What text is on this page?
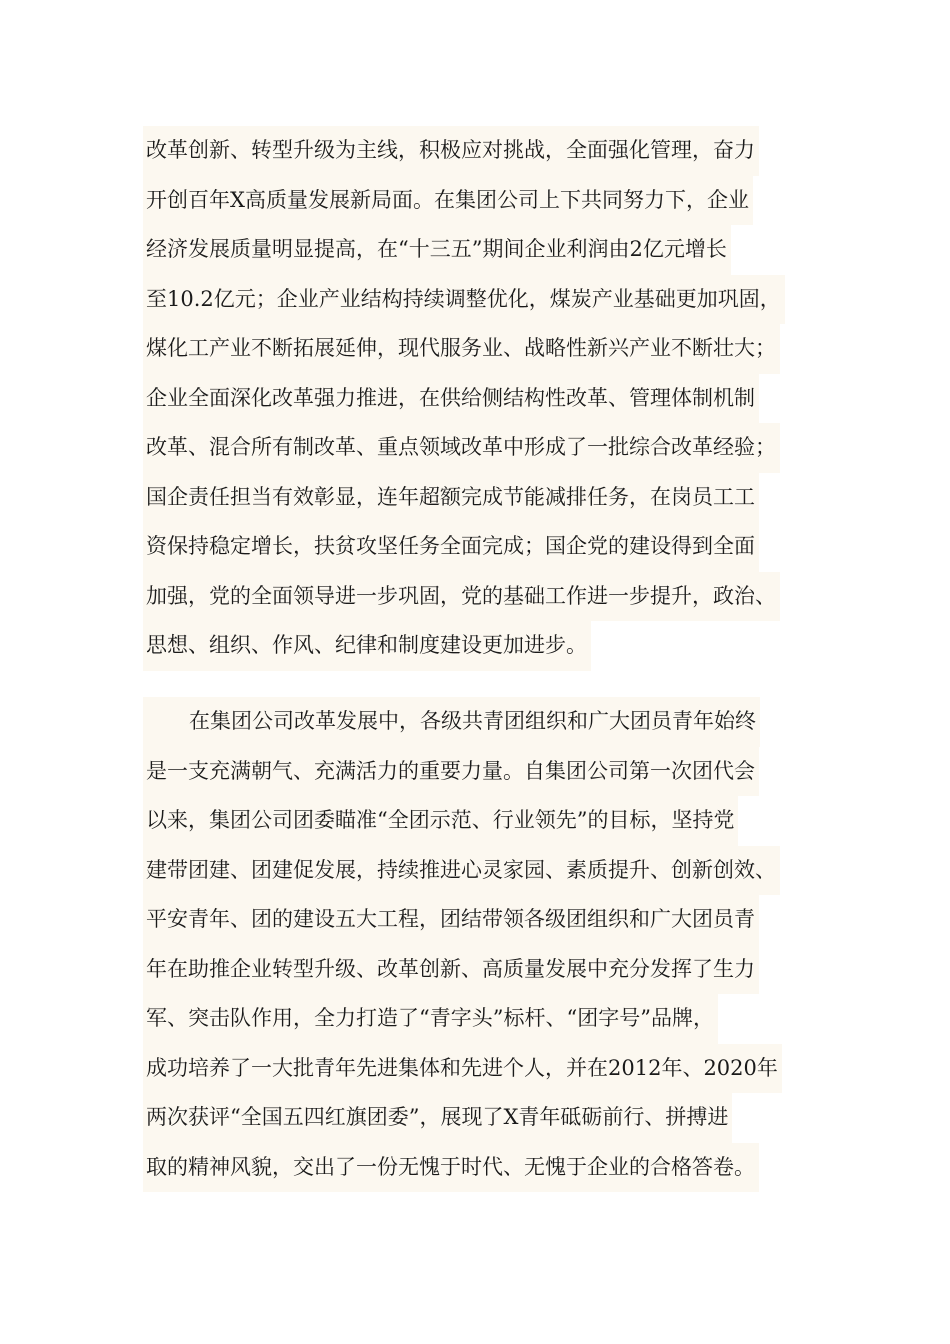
改革创新、转型升级为主线，积极应对挑战，全面强化管理，奋力
开创百年X高质量发展新局面。在集团公司上下共同努力下，企业
经济发展质量明显提高，在“十三五”期间企业利润由2亿元增长
至10.2亿元；企业产业结构持续调整优化，煤炭产业基础更加巩固，
煤化工产业不断拓展延伸，现代服务业、战略性新兴产业不断壮大；
企业全面深化改革强力推进，在供给侧结构性改革、管理体制机制
改革、混合所有制改革、重点领域改革中形成了一批综合改革经验；
国企责任担当有效彰显，连年超额完成节能减排任务，在岗员工工
资保持稳定增长，扶贫攻坚任务全面完成；国企党的建设得到全面
加强，党的全面领导进一步巩固，党的基础工作进一步提升，政治、
思想、组织、作风、纪律和制度建设更加进步。
在集团公司改革发展中，各级共青团组织和广大团员青年始终
是一支充满朝气、充满活力的重要力量。自集团公司第一次团代会
以来，集团公司团委瞄准“全团示范、行业领先”的目标，坚持党
建带团建、团建促发展，持续推进心灵家园、素质提升、创新创效、
平安青年、团的建设五大工程，团结带领各级团组织和广大团员青
年在助推企业转型升级、改革创新、高质量发展中充分发挥了生力
军、突击队作用，全力打造了“青字头”标杆、“团字号”品牌，
成功培养了一大批青年先进集体和先进个人，并在2012年、2020年
两次获评“全国五四红旗团委”，展现了X青年砥砺前行、拼搏进
取的精神风貌，交出了一份无愧于时代、无愧于企业的合格答卷。
